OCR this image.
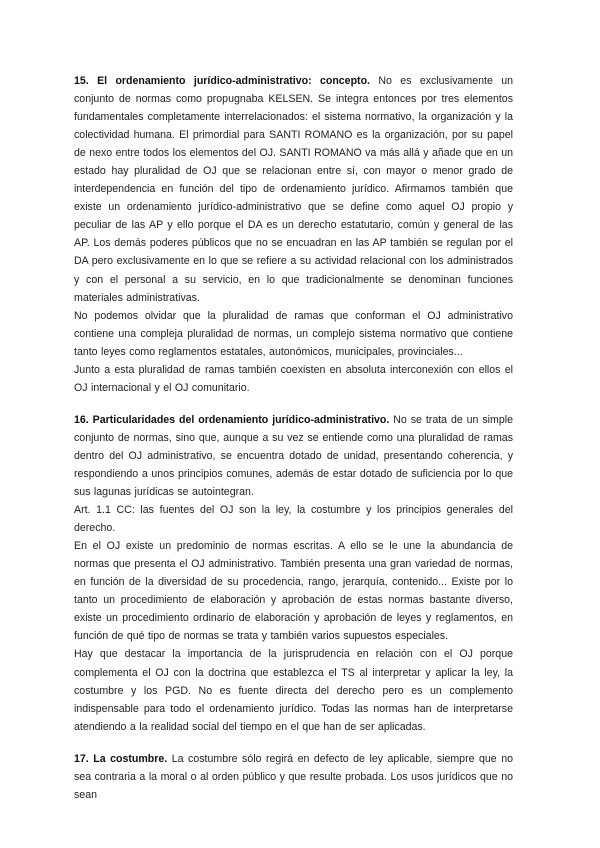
15. El ordenamiento jurídico-administrativo: concepto. No es exclusivamente un conjunto de normas como propugnaba KELSEN. Se integra entonces por tres elementos fundamentales completamente interrelacionados: el sistema normativo, la organización y la colectividad humana. El primordial para SANTI ROMANO es la organización, por su papel de nexo entre todos los elementos del OJ. SANTI ROMANO va más allá y añade que en un estado hay pluralidad de OJ que se relacionan entre sí, con mayor o menor grado de interdependencia en función del tipo de ordenamiento jurídico. Afirmamos también que existe un ordenamiento jurídico-administrativo que se define como aquel OJ propio y peculiar de las AP y ello porque el DA es un derecho estatutario, común y general de las AP. Los demás poderes públicos que no se encuadran en las AP también se regulan por el DA pero exclusivamente en lo que se refiere a su actividad relacional con los administrados y con el personal a su servicio, en lo que tradicionalmente se denominan funciones materiales administrativas.

No podemos olvidar que la pluralidad de ramas que conforman el OJ administrativo contiene una compleja pluralidad de normas, un complejo sistema normativo que contiene tanto leyes como reglamentos estatales, autonómicos, municipales, provinciales...

Junto a esta pluralidad de ramas también coexisten en absoluta interconexión con ellos el OJ internacional y el OJ comunitario.

16. Particularidades del ordenamiento jurídico-administrativo. No se trata de un simple conjunto de normas, sino que, aunque a su vez se entiende como una pluralidad de ramas dentro del OJ administrativo, se encuentra dotado de unidad, presentando coherencia, y respondiendo a unos principios comunes, además de estar dotado de suficiencia por lo que sus lagunas jurídicas se autointegran.

Art. 1.1 CC: las fuentes del OJ son la ley, la costumbre y los principios generales del derecho.

En el OJ existe un predominio de normas escritas. A ello se le une la abundancia de normas que presenta el OJ administrativo. También presenta una gran variedad de normas, en función de la diversidad de su procedencia, rango, jerarquía, contenido... Existe por lo tanto un procedimiento de elaboración y aprobación de estas normas bastante diverso, existe un procedimiento ordinario de elaboración y aprobación de leyes y reglamentos, en función de qué tipo de normas se trata y también varios supuestos especiales.

Hay que destacar la importancia de la jurisprudencia en relación con el OJ porque complementa el OJ con la doctrina que establezca el TS al interpretar y aplicar la ley, la costumbre y los PGD. No es fuente directa del derecho pero es un complemento indispensable para todo el ordenamiento jurídico. Todas las normas han de interpretarse atendiendo a la realidad social del tiempo en el que han de ser aplicadas.

17. La costumbre. La costumbre sólo regirá en defecto de ley aplicable, siempre que no sea contraria a la moral o al orden público y que resulte probada. Los usos jurídicos que no sean
